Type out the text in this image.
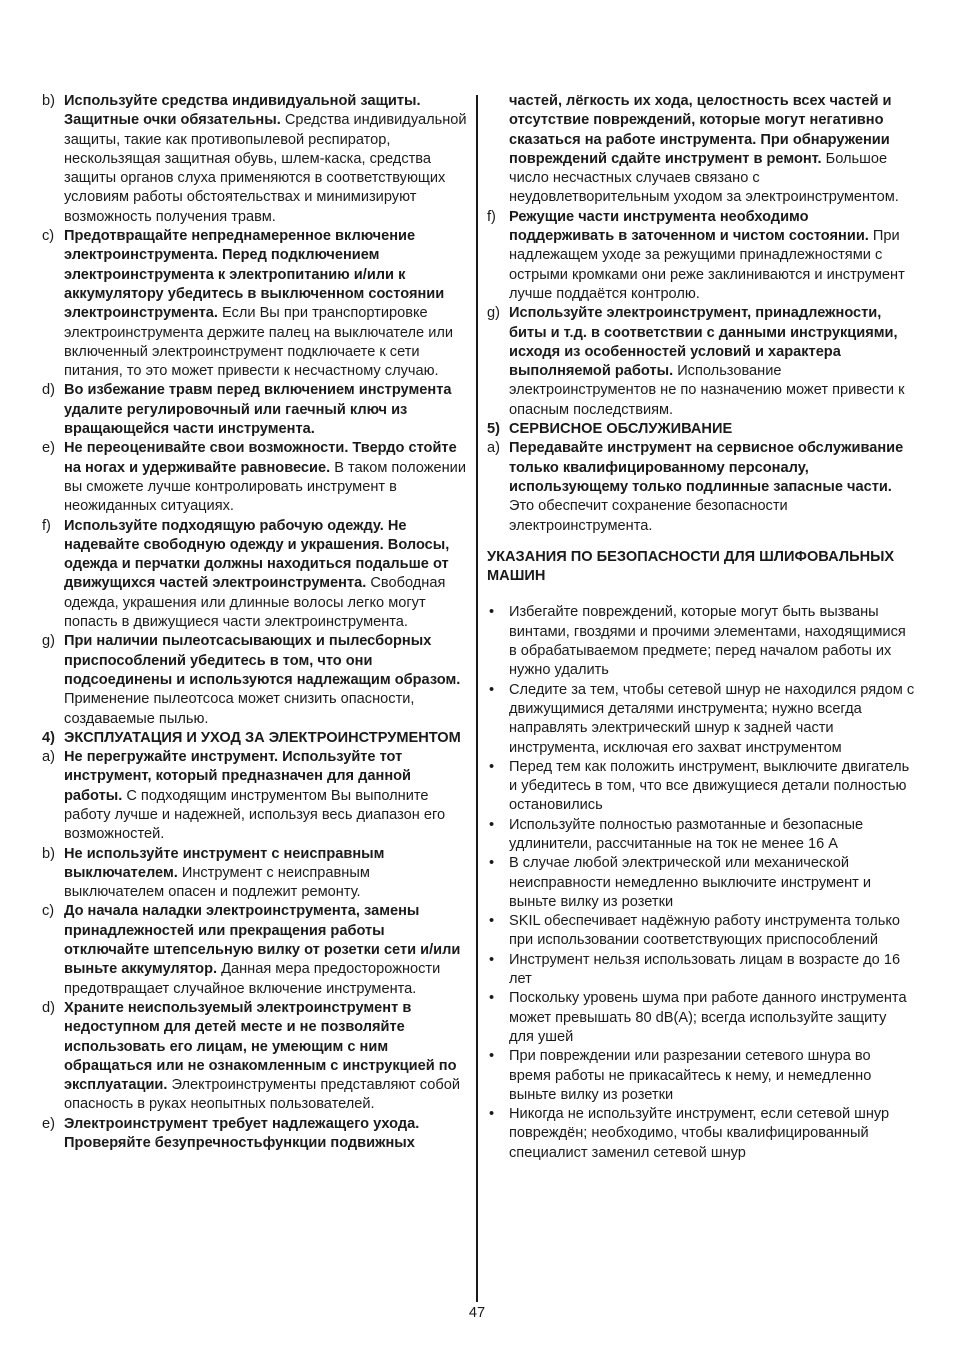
b) Используйте средства индивидуальной защиты. Защитные очки обязательны. Средства индивидуальной защиты, такие как противопылевой респиратор, нескользящая защитная обувь, шлем-каска, средства защиты органов слуха применяются в соответствующих условиям работы обстоятельствах и минимизируют возможность получения травм.
c) Предотвращайте непреднамеренное включение электроинструмента. Перед подключением электроинструмента к электропитанию и/или к аккумулятору убедитесь в выключенном состоянии электроинструмента. Если Вы при транспортировке электроинструмента держите палец на выключателе или включенный электроинструмент подключаете к сети питания, то это может привести к несчастному случаю.
d) Во избежание травм перед включением инструмента удалите регулировочный или гаечный ключ из вращающейся части инструмента.
e) Не переоценивайте свои возможности. Твердо стойте на ногах и удерживайте равновесие. В таком положении вы сможете лучше контролировать инструмент в неожиданных ситуациях.
f) Используйте подходящую рабочую одежду. Не надевайте свободную одежду и украшения. Волосы, одежда и перчатки должны находиться подальше от движущихся частей электроинструмента. Свободная одежда, украшения или длинные волосы легко могут попасть в движущиеся части электроинструмента.
g) При наличии пылеотсасывающих и пылесборных приспособлений убедитесь в том, что они подсоединены и используются надлежащим образом. Применение пылеотсоса может снизить опасности, создаваемые пылью.
4) ЭКСПЛУАТАЦИЯ И УХОД ЗА ЭЛЕКТРОИНСТРУМЕНТОМ
a) Не перегружайте инструмент. Используйте тот инструмент, который предназначен для данной работы. С подходящим инструментом Вы выполните работу лучше и надежней, используя весь диапазон его возможностей.
b) Не используйте инструмент с неисправным выключателем. Инструмент с неисправным выключателем опасен и подлежит ремонту.
c) До начала наладки электроинструмента, замены принадлежностей или прекращения работы отключайте штепсельную вилку от розетки сети и/или выньте аккумулятор. Данная мера предосторожности предотвращает случайное включение инструмента.
d) Храните неиспользуемый электроинструмент в недоступном для детей месте и не позволяйте использовать его лицам, не умеющим с ним обращаться или не ознакомленным с инструкцией по эксплуатации. Электроинструменты представляют собой опасность в руках неопытных пользователей.
e) Электроинструмент требует надлежащего ухода. Проверяйте безупречностьфункции подвижных
частей, лёгкость их хода, целостность всех частей и отсутствие повреждений, которые могут негативно сказаться на работе инструмента. При обнаружении повреждений сдайте инструмент в ремонт. Большое число несчастных случаев связано с неудовлетворительным уходом за электроинструментом.
f) Режущие части инструмента необходимо поддерживать в заточенном и чистом состоянии. При надлежащем уходе за режущими принадлежностями с острыми кромками они реже заклиниваются и инструмент лучше поддаётся контролю.
g) Используйте электроинструмент, принадлежности, биты и т.д. в соответствии с данными инструкциями, исходя из особенностей условий и характера выполняемой работы. Использование электроинструментов не по назначению может привести к опасным последствиям.
5) СЕРВИСНОЕ ОБСЛУЖИВАНИЕ
a) Передавайте инструмент на сервисное обслуживание только квалифицированному персоналу, использующему только подлинные запасные части. Это обеспечит сохранение безопасности электроинструмента.
УКАЗАНИЯ ПО БЕЗОПАСНОСТИ ДЛЯ ШЛИФОВАЛЬНЫХ МАШИН
• Избегайте повреждений, которые могут быть вызваны винтами, гвоздями и прочими элементами, находящимися в обрабатываемом предмете; перед началом работы их нужно удалить
• Следите за тем, чтобы сетевой шнур не находился рядом с движущимися деталями инструмента; нужно всегда направлять электрический шнур к задней части инструмента, исключая его захват инструментом
• Перед тем как положить инструмент, выключите двигатель и убедитесь в том, что все движущиеся детали полностью остановились
• Используйте полностью размотанные и безопасные удлинители, рассчитанные на ток не менее 16 A
• В случае любой электрической или механической неисправности немедленно выключите инструмент и выньте вилку из розетки
• SKIL обеспечивает надёжную работу инструмента только при использовании соответствующих приспособлений
• Инструмент нельзя использовать лицам в возрасте до 16 лет
• Поскольку уровень шума при работе данного инструмента может превышать 80 dB(A); всегда используйте защиту для ушей
• При повреждении или разрезании сетевого шнура во время работы не прикасайтесь к нему, и немедленно выньте вилку из розетки
• Никогда не используйте инструмент, если сетевой шнур повреждён; необходимо, чтобы квалифицированный специалист заменил сетевой шнур
47
